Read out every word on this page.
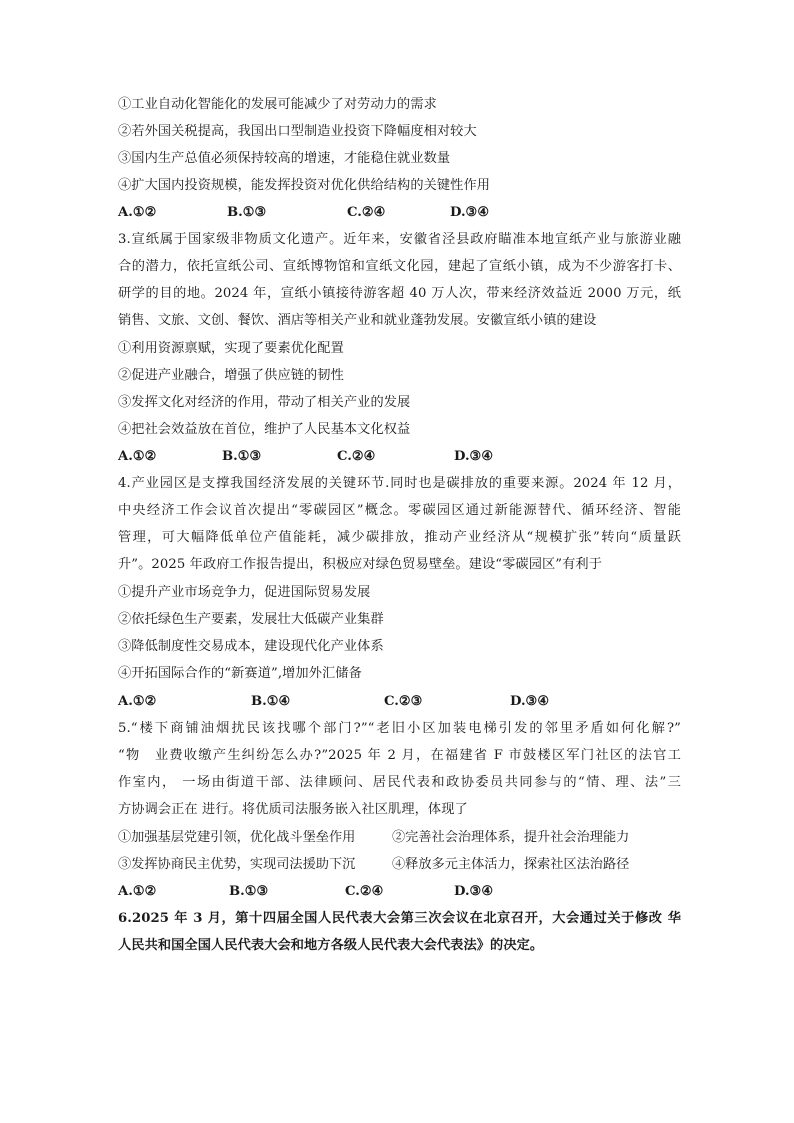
①工业自动化智能化的发展可能减少了对劳动力的需求
②若外国关税提高，我国出口型制造业投资下降幅度相对较大
③国内生产总值必须保持较高的增速，才能稳住就业数量
④扩大国内投资规模，能发挥投资对优化供给结构的关键性作用
A.①②	B.①③	C.②④	D.③④
3.宣纸属于国家级非物质文化遗产。近年来，安徽省泾县政府瞄准本地宣纸产业与旅游业融
合的潜力，依托宣纸公司、宣纸博物馆和宣纸文化园，建起了宣纸小镇，成为不少游客打卡、
研学的目的地。2024 年，宣纸小镇接待游客超 40 万人次，带来经济效益近 2000 万元，纸
销售、文旅、文创、餐饮、酒店等相关产业和就业蓬勃发展。安徽宣纸小镇的建设
①利用资源禀赋，实现了要素优化配置
②促进产业融合，增强了供应链的韧性
③发挥文化对经济的作用，带动了相关产业的发展
④把社会效益放在首位，维护了人民基本文化权益
A.①②	B.①③	C.②④	D.③④
4.产业园区是支撑我国经济发展的关键环节.同时也是碳排放的重要来源。2024 年 12 月，
中央经济工作会议首次提出“零碳园区”概念。零碳园区通过新能源替代、循环经济、智能
管理，可大幅降低单位产值能耗，减少碳排放，推动产业经济从“规模扩张”转向“质量跃
升”。2025 年政府工作报告提出，积极应对绿色贸易壁垒。建设“零碳园区”有利于
①提升产业市场竞争力，促进国际贸易发展
②依托绿色生产要素，发展壮大低碳产业集群
③降低制度性交易成本，建设现代化产业体系
④开拓国际合作的“新赛道”,增加外汇储备
A.①②	B.①④	C.②③	D.③④
5.“楼下商铺油烟扰民该找哪个部门?”“老旧小区加装电梯引发的邻里矛盾如何化解?”
“物　业费收缴产生纠纷怎么办?”2025 年 2 月，在福建省 F 市鼓楼区军门社区的法官工
作室内， 一场由街道干部、法律顾问、居民代表和政协委员共同参与的“情、理、法”三
方协调会正在 进行。将优质司法服务嵌入社区肌理，体现了
①加强基层党建引领，优化战斗堡垒作用	②完善社会治理体系，提升社会治理能力
③发挥协商民主优势，实现司法援助下沉	④释放多元主体活力，探索社区法治路径
A.①②	B.①③	C.②④	D.③④
6.2025 年 3 月，第十四届全国人民代表大会第三次会议在北京召开，大会通过关于修改 华
人民共和国全国人民代表大会和地方各级人民代表大会代表法》的决定。
